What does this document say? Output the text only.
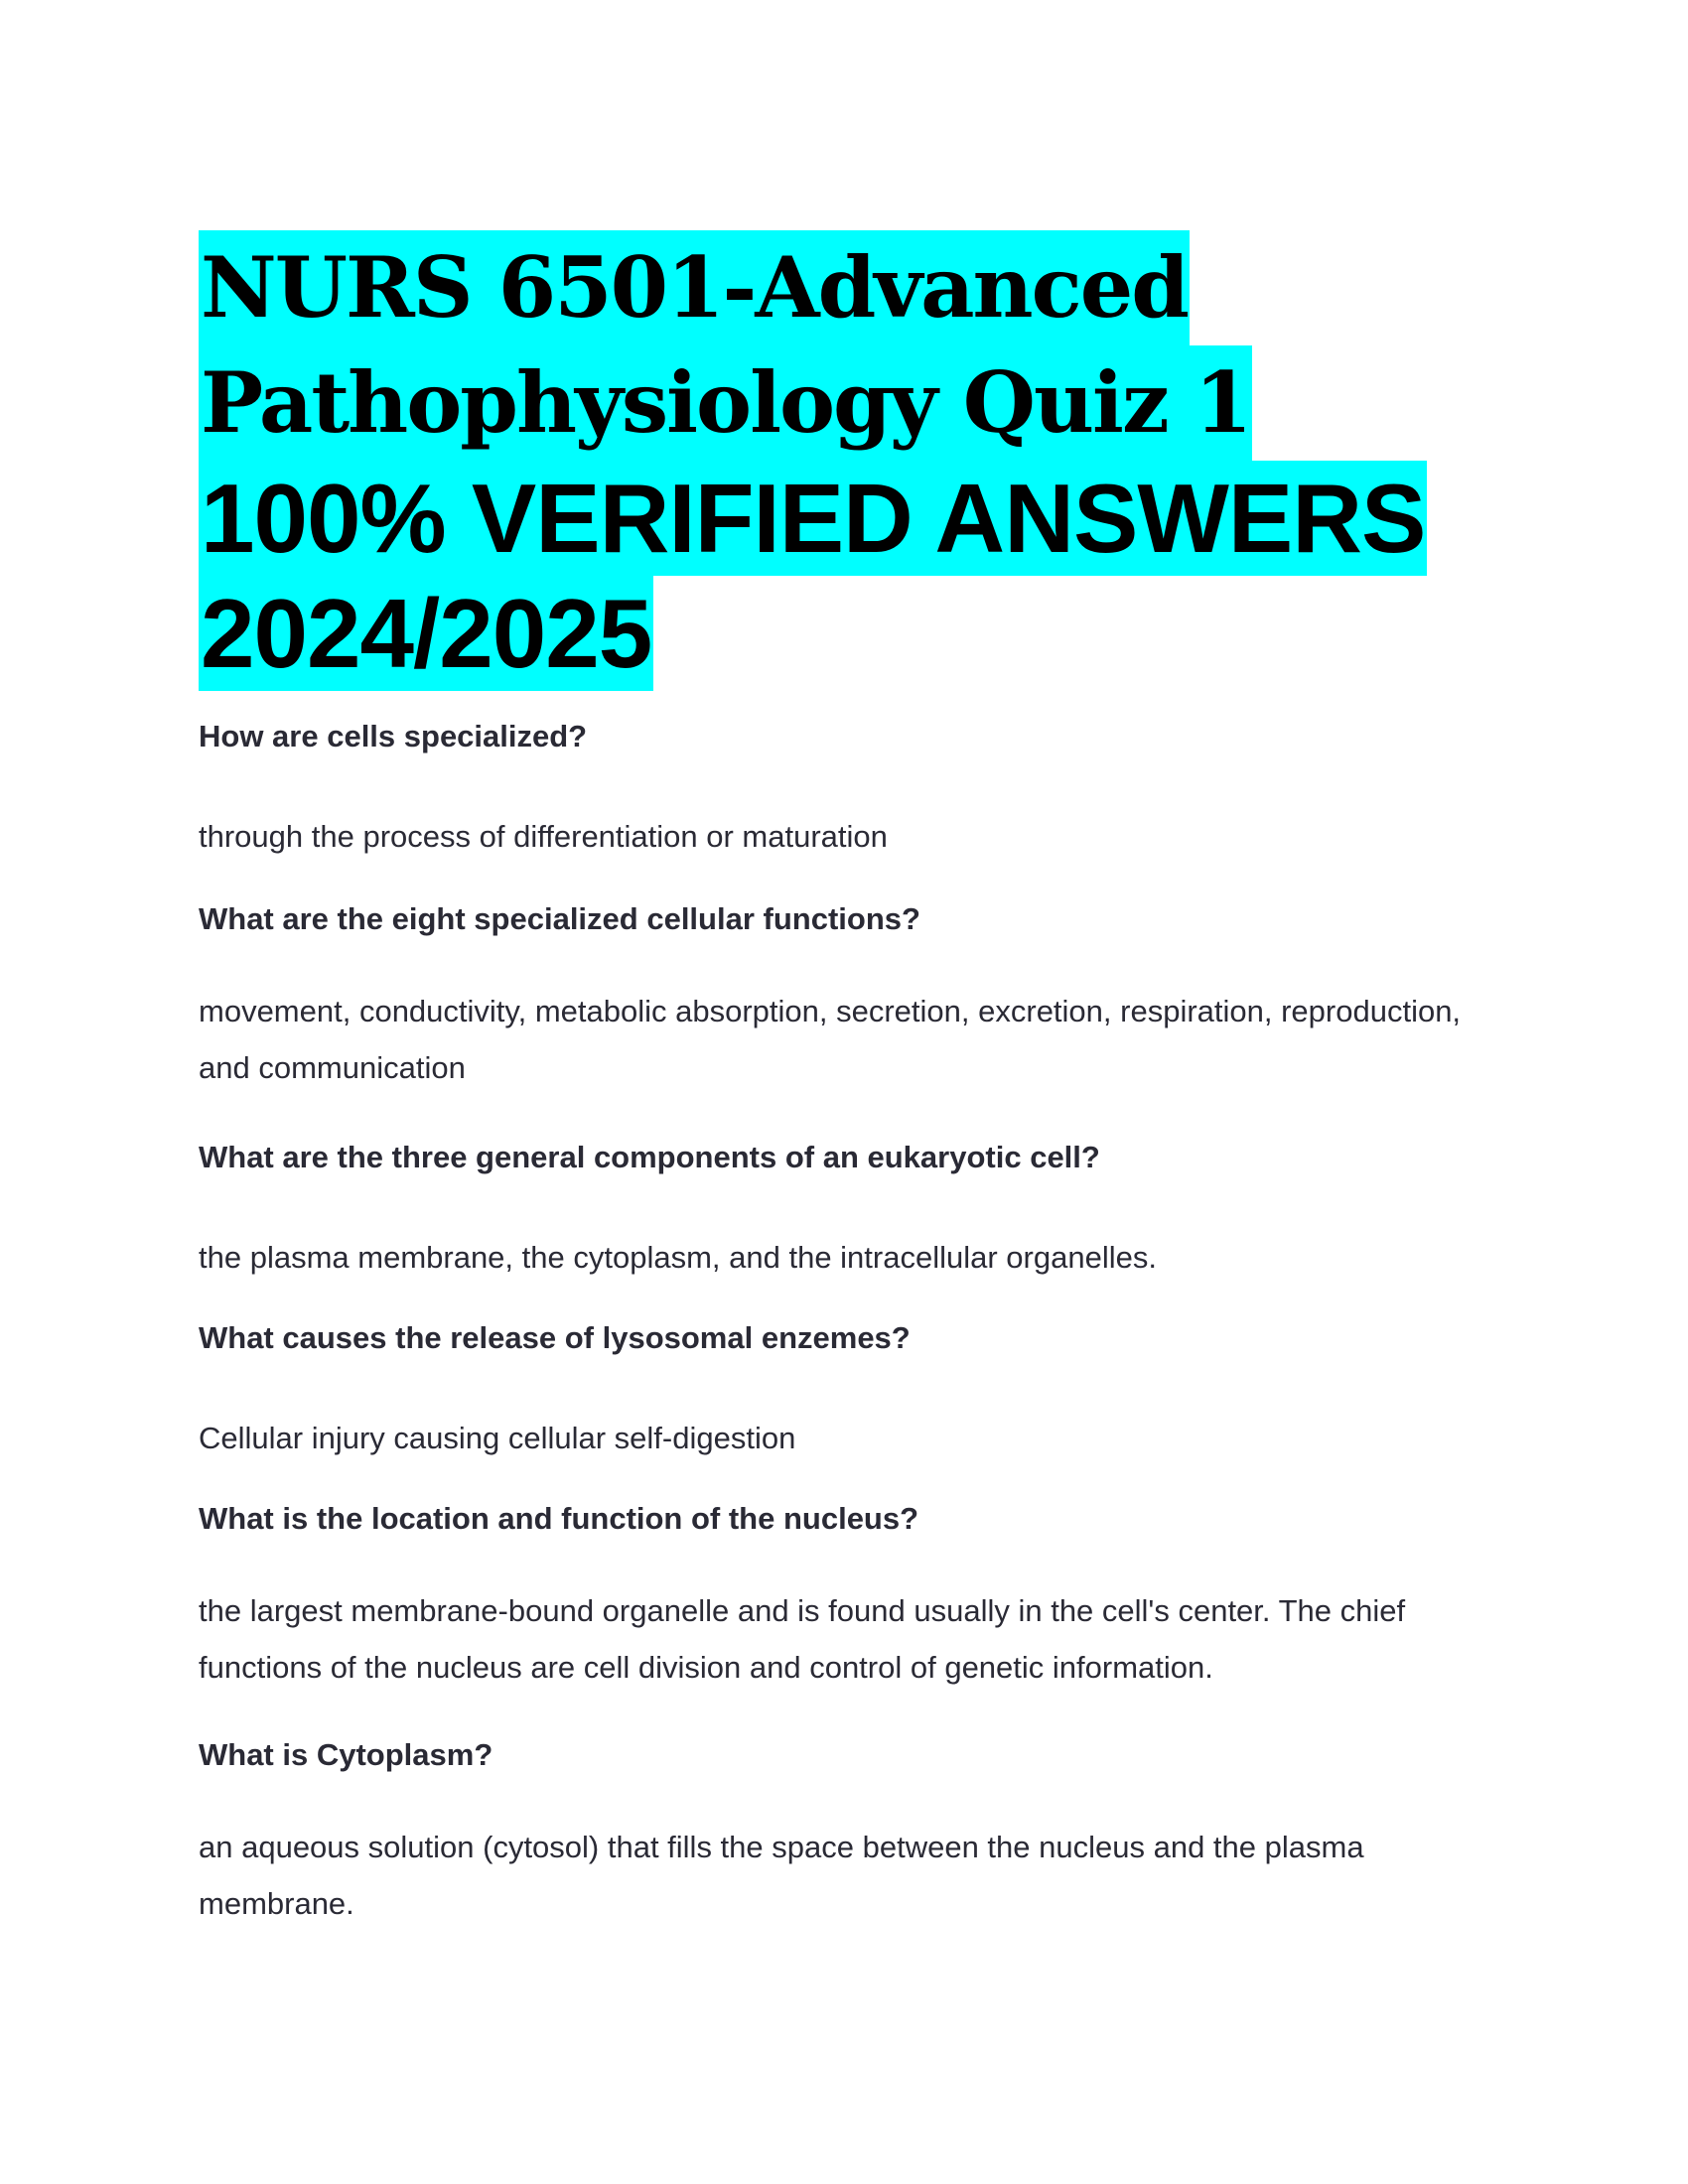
NURS 6501-Advanced
Pathophysiology Quiz 1
100% VERIFIED ANSWERS
2024/2025

How are cells specialized?

through the process of differentiation or maturation

What are the eight specialized cellular functions?

movement, conductivity, metabolic absorption, secretion, excretion, respiration, reproduction, and communication

What are the three general components of an eukaryotic cell?

the plasma membrane, the cytoplasm, and the intracellular organelles.

What causes the release of lysosomal enzemes?

Cellular injury causing cellular self-digestion

What is the location and function of the nucleus?

the largest membrane-bound organelle and is found usually in the cell's center. The chief functions of the nucleus are cell division and control of genetic information.

What is Cytoplasm?

an aqueous solution (cytosol) that fills the space between the nucleus and the plasma membrane.
